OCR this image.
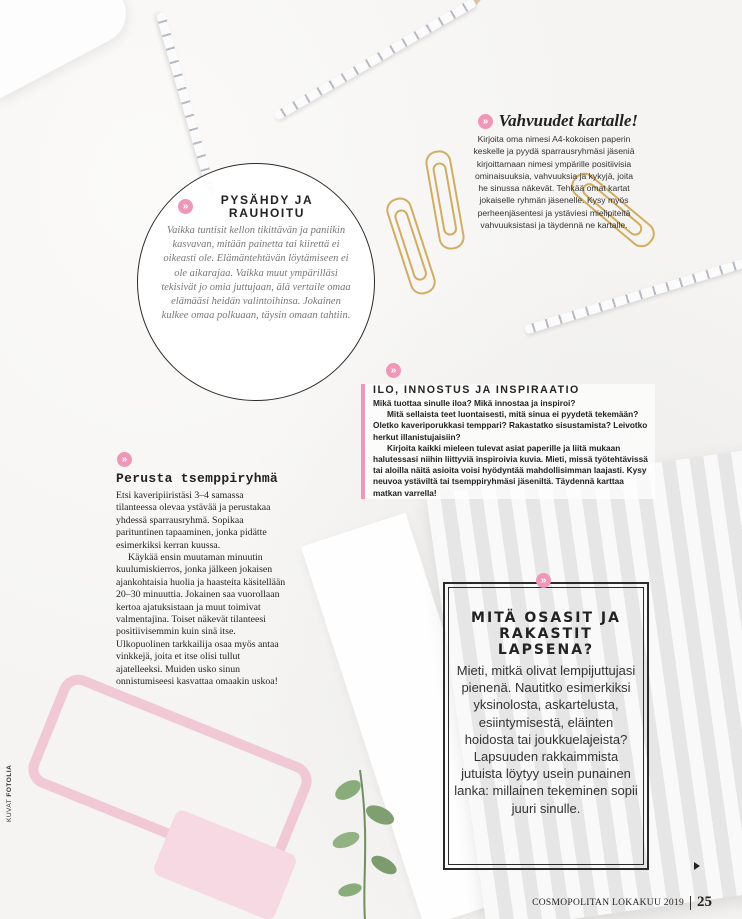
»	PYSÄHDY JA RAUHOITU

Vaikka tuntisit kellon tikittävän ja paniikin kasvavan, mitään painetta tai kiirettä ei oikeasti ole. Elämäntehtävän löytämiseen ei ole aikarajaa. Vaikka muut ympärilläsi tekisivät jo omia juttujaan, älä vertaile omaa elämääsi heidän valintoihinsa. Jokainen kulkee omaa polkuaan, täysin omaan tahtiin.

» Vahvuudet kartalle!

Kirjoita oma nimesi A4-kokoisen paperin keskelle ja pyydä sparrausryhmäsi jäseniä kirjoittamaan nimesi ympärille positiivisia ominaisuuksia, vahvuuksia ja kykyjä, joita he sinussa näkevät. Tehkää omat kartat jokaiselle ryhmän jäsenelle. Kysy myös perheenjäsentesi ja ystäviesi mielipiteitä vahvuuksistasi ja täydennä ne kartalle.

»
ILO, INNOSTUS JA INSPIRAATIO

Mikä tuottaa sinulle iloa? Mikä innostaa ja inspiroi?

Mitä sellaista teet luontaisesti, mitä sinua ei pyydetä tekemään? Oletko kaveriporukkasi temppari? Rakastatko sisustamista? Leivotko herkut illanistujaisiin?

Kirjoita kaikki mieleen tulevat asiat paperille ja liitä mukaan halutessasi niihin liittyviä inspiroivia kuvia. Mieti, missä työtehtävissä tai aloilla näitä asioita voisi hyödyntää mahdollisimman laajasti. Kysy neuvoa ystäviltä tai tsemppiryhmäsi jäseniltä. Täydennä karttaa matkan varrella!

»
Perusta tsemppiryhmä

Etsi kaveripiiristäsi 3–4 samassa tilanteessa olevaa ystävää ja perustakaa yhdessä sparrausryhmä. Sopikaa parituntinen tapaaminen, jonka pidätte esimerkiksi kerran kuussa.

Käykää ensin muutaman minuutin kuulumiskierros, jonka jälkeen jokaisen ajankohtaisia huolia ja haasteita käsitellään 20–30 minuuttia. Jokainen saa vuorollaan kertoa ajatuksistaan ja muut toimivat valmentajina. Toiset näkevät tilanteesi positiivisemmin kuin sinä itse. Ulkopuolinen tarkkailija osaa myös antaa vinkkejä, joita et itse olisi tullut ajatelleeksi. Muiden usko sinun onnistumiseesi kasvattaa omaakin uskoa!

MITÄ OSASIT JA RAKASTIT LAPSENA?

Mieti, mitkä olivat lempijuttujasi pienenä. Nautitko esimerkiksi yksinolosta, askartelusta, esiintymisestä, eläinten hoidosta tai joukkuelajeista? Lapsuuden rakkaimmista jutuista löytyy usein punainen lanka: millainen tekeminen sopii juuri sinulle.

»
COSMOPOLITAN LOKAKUU 2019 25
KUVAT FOTOLIA
